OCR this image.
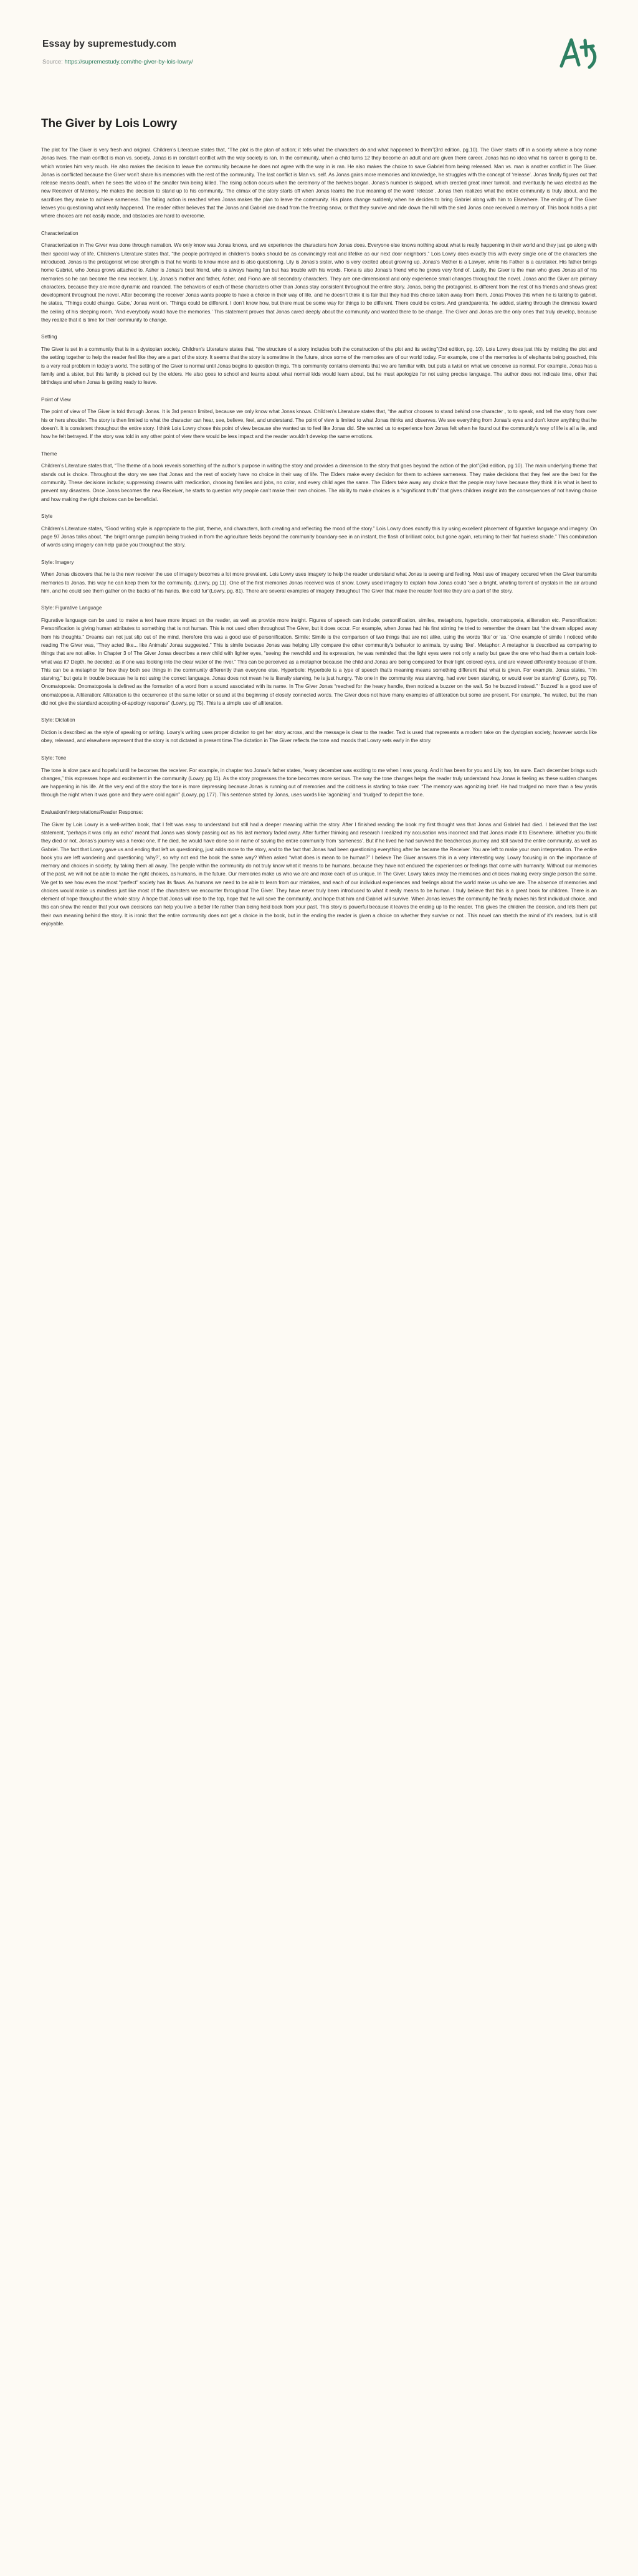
Essay by supremestudy.com
Source: https://supremestudy.com/the-giver-by-lois-lowry/
The Giver by Lois Lowry

The plot for The Giver is very fresh and original. Children’s Literature states that, “The plot is the plan of action; it tells what the characters do and what happened to them”(3rd edition, pg.10). The Giver starts off in a society where a boy name Jonas lives. The main conflict is man vs. society. Jonas is in constant conflict with the way society is ran. In the community, when a child turns 12 they become an adult and are given there career. Jonas has no idea what his career is going to be, which worries him very much. He also makes the decision to leave the community because he does not agree with the way in is ran. He also makes the choice to save Gabriel from being released. Man vs. man is another conflict in The Giver. Jonas is conflicted because the Giver won’t share his memories with the rest of the community. The last conflict is Man vs. self. As Jonas gains more memories and knowledge, he struggles with the concept of ‘release’. Jonas finally figures out that release means death, when he sees the video of the smaller twin being killed. The rising action occurs when the ceremony of the twelves began. Jonas’s number is skipped, which created great inner turmoil, and eventually he was elected as the new Receiver of Memory. He makes the decision to stand up to his community. The climax of the story starts off when Jonas learns the true meaning of the word ‘release’. Jonas then realizes what the entire community is truly about, and the sacrifices they make to achieve sameness. The falling action is reached when Jonas makes the plan to leave the community. His plans change suddenly when he decides to bring Gabriel along with him to Elsewhere. The ending of The Giver leaves you questioning what really happened. The reader either believes that the Jonas and Gabriel are dead from the freezing snow, or that they survive and ride down the hill with the sled Jonas once received a memory of. This book holds a plot where choices are not easily made, and obstacles are hard to overcome.

Characterization

Characterization in The Giver was done through narration. We only know was Jonas knows, and we experience the characters how Jonas does. Everyone else knows nothing about what is really happening in their world and they just go along with their special way of life. Children’s Literature states that, “the people portrayed in children’s books should be as convincingly real and lifelike as our next door neighbors.” Lois Lowry does exactly this with every single one of the characters she introduced. Jonas is the protagonist whose strength is that he wants to know more and is also questioning. Lily is Jonas’s sister, who is very excited about growing up. Jonas’s Mother is a Lawyer, while his Father is a caretaker. His father brings home Gabriel, who Jonas grows attached to. Asher is Jonas’s best friend, who is always having fun but has trouble with his words. Fiona is also Jonas’s friend who he grows very fond of. Lastly, the Giver is the man who gives Jonas all of his memories so he can become the new receiver. Lily, Jonas’s mother and father, Asher, and Fiona are all secondary characters. They are one-dimensional and only experience small changes throughout the novel. Jonas and the Giver are primary characters, because they are more dynamic and rounded. The behaviors of each of these characters other than Jonas stay consistent throughout the entire story. Jonas, being the protagonist, is different from the rest of his friends and shows great development throughout the novel. After becoming the receiver Jonas wants people to have a choice in their way of life, and he doesn’t think it is fair that they had this choice taken away from them. Jonas Proves this when he is talking to gabriel, he states, “Things could change. Gabe,’ Jonas went on. ‘Things could be different. I don’t know how, but there must be some way for things to be different. There could be colors. And grandparents,’ he added, staring through the dimness toward the ceiling of his sleeping room. ‘And everybody would have the memories.’ This statement proves that Jonas cared deeply about the community and wanted there to be change. The Giver and Jonas are the only ones that truly develop, because they realize that it is time for their community to change.

Setting

The Giver is set in a community that is in a dystopian society. Children’s Literature states that, “the structure of a story includes both the construction of the plot and its setting”(3rd edition, pg. 10). Lois Lowry does just this by molding the plot and the setting together to help the reader feel like they are a part of the story. It seems that the story is sometime in the future, since some of the memories are of our world today. For example, one of the memories is of elephants being poached, this is a very real problem in today’s world. The setting of the Giver is normal until Jonas begins to question things. This community contains elements that we are familiar with, but puts a twist on what we conceive as normal. For example, Jonas has a family and a sister, but this family is picked out by the elders. He also goes to school and learns about what normal kids would learn about, but he must apologize for not using precise language. The author does not indicate time, other that birthdays and when Jonas is getting ready to leave.

Point of View

The point of view of The Giver is told through Jonas. It is 3rd person limited, because we only know what Jonas knows. Children’s Literature states that, “the author chooses to stand behind one character , to to speak, and tell the story from over his or hers shoulder. The story is then limited to what the character can hear, see, believe, feel, and understand. The point of view is limited to what Jonas thinks and observes. We see everything from Jonas’s eyes and don’t know anything that he doesn’t. It is consistent throughout the entire story. I think Lois Lowry chose this point of view because she wanted us to feel like Jonas did. She wanted us to experience how Jonas felt when he found out the community’s way of life is all a lie, and how he felt betrayed. If the story was told in any other point of view there would be less impact and the reader wouldn’t develop the same emotions.

Theme

Children’s Literature states that, “The theme of a book reveals something of the author’s purpose in writing the story and provides a dimension to the story that goes beyond the action of the plot”(3rd edition, pg 10). The main underlying theme that stands out is choice. Throughout the story we see that Jonas and the rest of society have no choice in their way of life. The Elders make every decision for them to achieve sameness. They make decisions that they feel are the best for the community. These decisions include; suppressing dreams with medication, choosing families and jobs, no color, and every child ages the same. The Elders take away any choice that the people may have because they think it is what is best to prevent any disasters. Once Jonas becomes the new Receiver, he starts to question why people can’t make their own choices. The ability to make choices is a “significant truth” that gives children insight into the consequences of not having choice and how making the right choices can be beneficial.

Style

Children’s Literature states, “Good writing style is appropriate to the plot, theme, and characters, both creating and reflecting the mood of the story.” Lois Lowry does exactly this by using excellent placement of figurative language and imagery. On page 97 Jonas talks about, “the bright orange pumpkin being trucked in from the agriculture fields beyond the community boundary-see in an instant, the flash of brilliant color, but gone again, returning to their flat hueless shade.” This combination of words using imagery can help guide you throughout the story.

Style: Imagery

When Jonas discovers that he is the new receiver the use of imagery becomes a lot more prevalent. Lois Lowry uses imagery to help the reader understand what Jonas is seeing and feeling. Most use of imagery occured when the Giver transmits memories to Jonas, this way he can keep them for the community. (Lowry, pg 11). One of the first memories Jonas received was of snow. Lowry used imagery to explain how Jonas could “see a bright, whirling torrent of crystals in the air around him, and he could see them gather on the backs of his hands, like cold fur”(Lowry, pg. 81). There are several examples of imagery throughout The Giver that make the reader feel like they are a part of the story.

Style: Figurative Language

Figurative language can be used to make a text have more impact on the reader, as well as provide more insight. Figures of speech can include; personification, similes, metaphors, hyperbole, onomatopoeia, alliteration etc. Personification: Personification is giving human attributes to something that is not human. This is not used often throughout The Giver, but it does occur. For example, when Jonas had his first stirring he tried to remember the dream but “the dream slipped away from his thoughts.” Dreams can not just slip out of the mind, therefore this was a good use of personification. Simile: Simile is the comparison of two things that are not alike, using the words ‘like’ or ‘as.’ One example of simile I noticed while reading The Giver was, “They acted like... like Animals’ Jonas suggested.” This is simile because Jonas was helping Lilly compare the other community’s behavior to animals, by using ‘like’. Metaphor: A metaphor is described as comparing to things that are not alike. In Chapter 3 of The Giver Jonas describes a new child with lighter eyes, “seeing the newchild and its expression, he was reminded that the light eyes were not only a rarity but gave the one who had them a certain look- what was it? Depth, he decided; as if one was looking into the clear water of the river.” This can be perceived as a metaphor because the child and Jonas are being compared for their light colored eyes, and are viewed differently because of them. This can be a metaphor for how they both see things in the community differently than everyone else. Hyperbole: Hyperbole is a type of speech that’s meaning means something different that what is given. For example, Jonas states, “I’m starving,” but gets in trouble because he is not using the correct language. Jonas does not mean he is literally starving, he is just hungry. “No one in the community was starving, had ever been starving, or would ever be starving” (Lowry, pg 70). Onomatopoeia: Onomatopoeia is defined as the formation of a word from a sound associated with its name. In The Giver Jonas “reached for the heavy handle, then noticed a buzzer on the wall. So he buzzed instead.” ‘Buzzed’ is a good use of onomatopoeia. Alliteration: Alliteration is the occurrence of the same letter or sound at the beginning of closely connected words. The Giver does not have many examples of alliteration but some are present. For example, “he waited, but the man did not give the standard accepting-of-apology response” (Lowry, pg 75). This is a simple use of alliteration.

Style: Dictation

Diction is described as the style of speaking or writing. Lowry’s writing uses proper dictation to get her story across, and the message is clear to the reader. Text is used that represents a modern take on the dystopian society, however words like obey, released, and elsewhere represent that the story is not dictated in present time.The dictation in The Giver reflects the tone and moods that Lowry sets early in the story.

Style: Tone

The tone is slow pace and hopeful until he becomes the receiver. For example, in chapter two Jonas’s father states, “every december was exciting to me when I was young. And it has been for you and Lily, too, Im sure. Each december brings such changes,” this expresses hope and excitement in the community (Lowry, pg 11). As the story progresses the tone becomes more serious. The way the tone changes helps the reader truly understand how Jonas is feeling as these sudden changes are happening in his life. At the very end of the story the tone is more depressing because Jonas is running out of memories and the coldness is starting to take over. “The memory was agonizing brief. He had trudged no more than a few yards through the night when it was gone and they were cold again” (Lowry, pg 177). This sentence stated by Jonas, uses words like ‘agonizing’ and ‘trudged’ to depict the tone.

Evaluation/Interpretations/Reader Response:

The Giver by Lois Lowry is a well-written book, that I felt was easy to understand but still had a deeper meaning within the story. After I finished reading the book my first thought was that Jonas and Gabriel had died. I believed that the last statement, “perhaps it was only an echo” meant that Jonas was slowly passing out as his last memory faded away. After further thinking and research I realized my accusation was incorrect and that Jonas made it to Elsewhere. Whether you think they died or not, Jonas’s journey was a heroic one. If he died, he would have done so in name of saving the entire community from ‘sameness’. But if he lived he had survived the treacherous journey and still saved the entire community, as well as Gabriel. The fact that Lowry gave us and ending that left us questioning, just adds more to the story, and to the fact that Jonas had been questioning everything after he became the Receiver. You are left to make your own interpretation. The entire book you are left wondering and questioning ‘why?’, so why not end the book the same way? When asked “what does is mean to be human?” I believe The Giver answers this in a very interesting way. Lowry focusing in on the importance of memory and choices in society, by taking them all away. The people within the community do not truly know what it means to be humans, because they have not endured the experiences or feelings that come with humanity. Without our memories of the past, we will not be able to make the right choices, as humans, in the future. Our memories make us who we are and make each of us unique. In The Giver, Lowry takes away the memories and choices making every single person the same. We get to see how even the most “perfect” society has its flaws. As humans we need to be able to learn from our mistakes, and each of our individual experiences and feelings about the world make us who we are. The absence of memories and choices would make us mindless just like most of the characters we encounter throughout The Giver. They have never truly been introduced to what it really means to be human. I truly believe that this is a great book for children. There is an element of hope throughout the whole story. A hope that Jonas will rise to the top, hope that he will save the community, and hope that him and Gabriel will survive. When Jonas leaves the community he finally makes his first individual choice, and this can show the reader that your own decisions can help you live a better life rather than being held back from your past. This story is powerful because it leaves the ending up to the reader. This gives the children the decision, and lets them put their own meaning behind the story. It is ironic that the entire community does not get a choice in the book, but in the ending the reader is given a choice on whether they survive or not.. This novel can stretch the mind of it’s readers, but is still enjoyable.
